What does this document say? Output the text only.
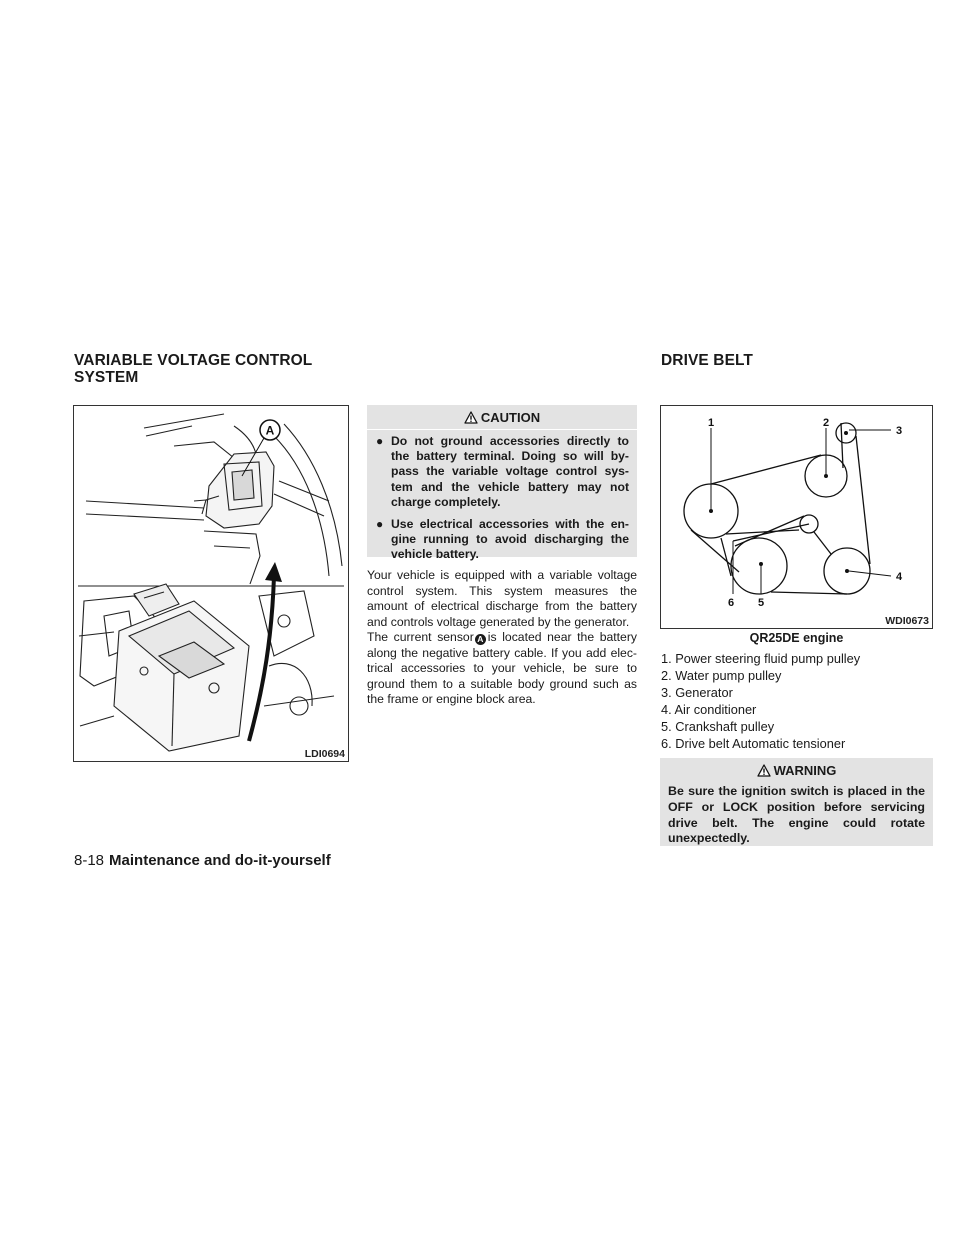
VARIABLE VOLTAGE CONTROL
SYSTEM
DRIVE BELT
A
LDI0694
CAUTION
● Do not ground accessories directly to the battery terminal. Doing so will by-pass the variable voltage control sys-tem and the vehicle battery may not charge completely.
● Use electrical accessories with the en-gine running to avoid discharging the vehicle battery.
Your vehicle is equipped with a variable voltage control system. This system measures the amount of electrical discharge from the battery and controls voltage generated by the generator.
The current sensor A is located near the battery along the negative battery cable. If you add elec-trical accessories to your vehicle, be sure to ground them to a suitable body ground such as the frame or engine block area.
1	2
3
4
5
6
WDI0673
QR25DE engine
1. Power steering fluid pump pulley
2. Water pump pulley
3. Generator
4. Air conditioner
5. Crankshaft pulley
6. Drive belt Automatic tensioner
WARNING
Be sure the ignition switch is placed in the OFF or LOCK position before servicing drive belt. The engine could rotate unexpectedly.
8-18 Maintenance and do-it-yourself
